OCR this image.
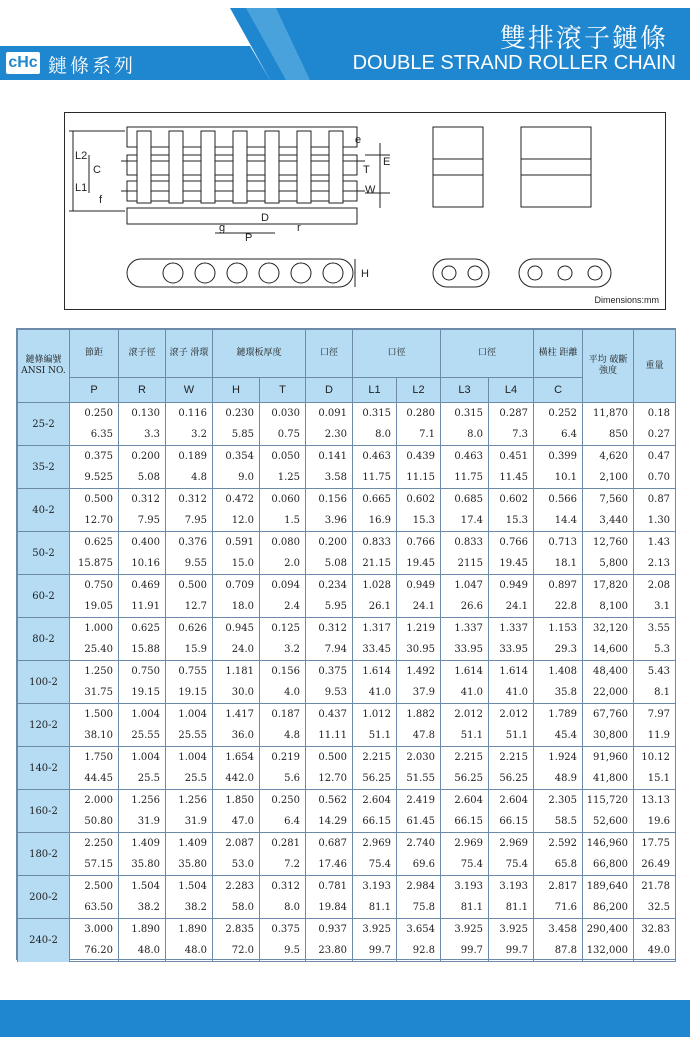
雙排滾子鏈條
DOUBLE STRAND ROLLER CHAIN
cHc 鏈條系列
L2
L1
C
f
e
T
E
W
g
D
r
P
H
Dimensions:mm
鏈條編號 ANSI NO.	節距	滾子徑	滾子 滑環	鏈環板厚度		口徑	口徑		口徑		橫柱 距離	平均 破斷 強度	重量
	P	R	W	H	T	D	L1	L2	L3	L4	C		
25-2	0.250	0.130	0.116	0.230	0.030	0.091	0.315	0.280	0.315	0.287	0.252	11,870	0.18
	6.35	3.3	3.2	5.85	0.75	2.30	8.0	7.1	8.0	7.3	6.4	850	0.27
35-2	0.375	0.200	0.189	0.354	0.050	0.141	0.463	0.439	0.463	0.451	0.399	4,620	0.47
	9.525	5.08	4.8	9.0	1.25	3.58	11.75	11.15	11.75	11.45	10.1	2,100	0.70
40-2	0.500	0.312	0.312	0.472	0.060	0.156	0.665	0.602	0.685	0.602	0.566	7,560	0.87
	12.70	7.95	7.95	12.0	1.5	3.96	16.9	15.3	17.4	15.3	14.4	3,440	1.30
50-2	0.625	0.400	0.376	0.591	0.080	0.200	0.833	0.766	0.833	0.766	0.713	12,760	1.43
	15.875	10.16	9.55	15.0	2.0	5.08	21.15	19.45	2115	19.45	18.1	5,800	2.13
60-2	0.750	0.469	0.500	0.709	0.094	0.234	1.028	0.949	1.047	0.949	0.897	17,820	2.08
	19.05	11.91	12.7	18.0	2.4	5.95	26.1	24.1	26.6	24.1	22.8	8,100	3.1
80-2	1.000	0.625	0.626	0.945	0.125	0.312	1.317	1.219	1.337	1.337	1.153	32,120	3.55
	25.40	15.88	15.9	24.0	3.2	7.94	33.45	30.95	33.95	33.95	29.3	14,600	5.3
100-2	1.250	0.750	0.755	1.181	0.156	0.375	1.614	1.492	1.614	1.614	1.408	48,400	5.43
	31.75	19.15	19.15	30.0	4.0	9.53	41.0	37.9	41.0	41.0	35.8	22,000	8.1
120-2	1.500	1.004	1.004	1.417	0.187	0.437	1.012	1.882	2.012	2.012	1.789	67,760	7.97
	38.10	25.55	25.55	36.0	4.8	11.11	51.1	47.8	51.1	51.1	45.4	30,800	11.9
140-2	1.750	1.004	1.004	1.654	0.219	0.500	2.215	2.030	2.215	2.215	1.924	91,960	10.12
	44.45	25.5	25.5	442.0	5.6	12.70	56.25	51.55	56.25	56.25	48.9	41,800	15.1
160-2	2.000	1.256	1.256	1.850	0.250	0.562	2.604	2.419	2.604	2.604	2.305	115,720	13.13
	50.80	31.9	31.9	47.0	6.4	14.29	66.15	61.45	66.15	66.15	58.5	52,600	19.6
180-2	2.250	1.409	1.409	2.087	0.281	0.687	2.969	2.740	2.969	2.969	2.592	146,960	17.75
	57.15	35.80	35.80	53.0	7.2	17.46	75.4	69.6	75.4	75.4	65.8	66,800	26.49
200-2	2.500	1.504	1.504	2.283	0.312	0.781	3.193	2.984	3.193	3.193	2.817	189,640	21.78
	63.50	38.2	38.2	58.0	8.0	19.84	81.1	75.8	81.1	81.1	71.6	86,200	32.5
240-2	3.000	1.890	1.890	2.835	0.375	0.937	3.925	3.654	3.925	3.925	3.458	290,400	32.83
	76.20	48.0	48.0	72.0	9.5	23.80	99.7	92.8	99.7	99.7	87.8	132,000	49.0
